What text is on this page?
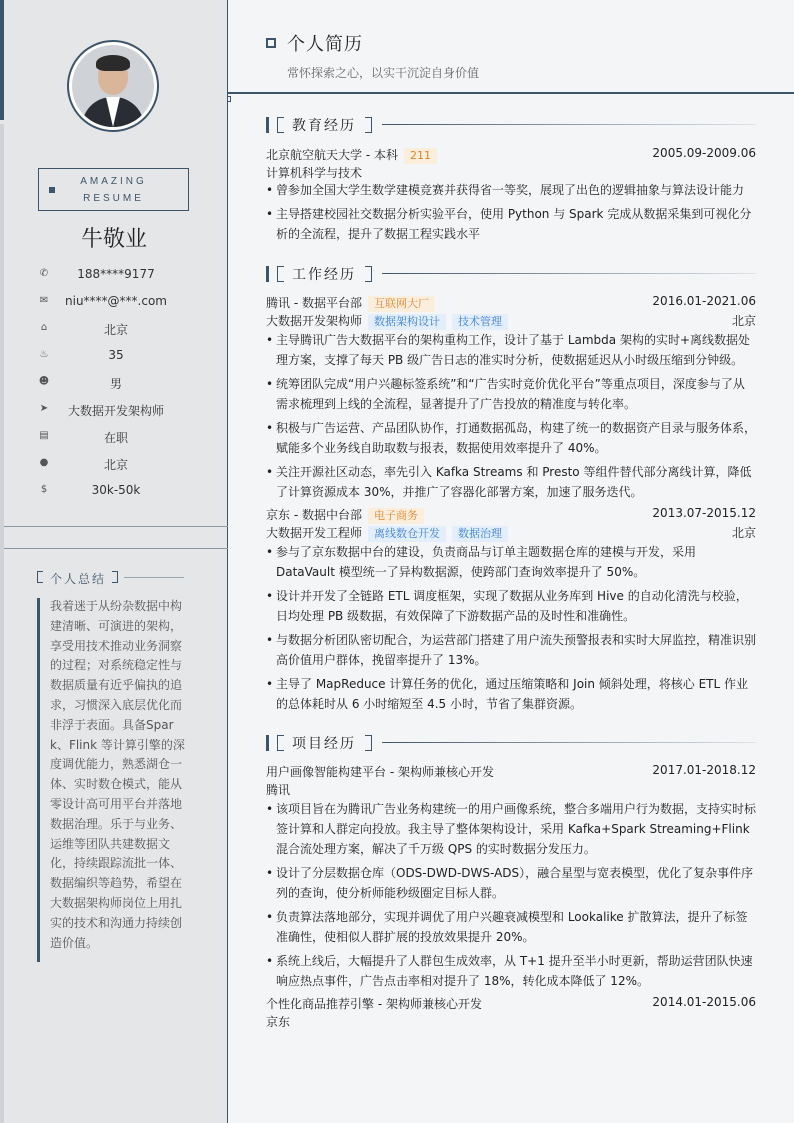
AMAZING
RESUME
牛敬业
✆	188****9177
✉	niu****@***.com
⌂	北京
♨	35
☻	男
➤	大数据开发架构师
▤	在职
●	北京
$	30k-50k
个人总结
我着迷于从纷杂数据中构建清晰、可演进的架构，享受用技术推动业务洞察的过程；对系统稳定性与数据质量有近乎偏执的追求，习惯深入底层优化而非浮于表面。具备Spark、Flink 等计算引擎的深度调优能力，熟悉湖仓一体、实时数仓模式，能从零设计高可用平台并落地数据治理。乐于与业务、运维等团队共建数据文化，持续跟踪流批一体、数据编织等趋势，希望在大数据架构师岗位上用扎实的技术和沟通力持续创造价值。
个人简历
常怀探索之心，以实干沉淀自身价值
教育经历
北京航空航天大学 - 本科 211	2005.09-2009.06
计算机科学与技术
• 曾参加全国大学生数学建模竞赛并获得省一等奖，展现了出色的逻辑抽象与算法设计能力
• 主导搭建校园社交数据分析实验平台，使用 Python 与 Spark 完成从数据采集到可视化分析的全流程，提升了数据工程实践水平
工作经历
腾讯 - 数据平台部 互联网大厂	2016.01-2021.06
大数据开发架构师 数据架构设计 技术管理	北京
• 主导腾讯广告大数据平台的架构重构工作，设计了基于 Lambda 架构的实时+离线数据处理方案，支撑了每天 PB 级广告日志的准实时分析，使数据延迟从小时级压缩到分钟级。
• 统筹团队完成“用户兴趣标签系统”和“广告实时竞价优化平台”等重点项目，深度参与了从需求梳理到上线的全流程，显著提升了广告投放的精准度与转化率。
• 积极与广告运营、产品团队协作，打通数据孤岛，构建了统一的数据资产目录与服务体系，赋能多个业务线自助取数与报表，数据使用效率提升了 40%。
• 关注开源社区动态，率先引入 Kafka Streams 和 Presto 等组件替代部分离线计算，降低了计算资源成本 30%，并推广了容器化部署方案，加速了服务迭代。
京东 - 数据中台部 电子商务	2013.07-2015.12
大数据开发工程师 离线数仓开发 数据治理	北京
• 参与了京东数据中台的建设，负责商品与订单主题数据仓库的建模与开发，采用 DataVault 模型统一了异构数据源，使跨部门查询效率提升了 50%。
• 设计并开发了全链路 ETL 调度框架，实现了数据从业务库到 Hive 的自动化清洗与校验，日均处理 PB 级数据，有效保障了下游数据产品的及时性和准确性。
• 与数据分析团队密切配合，为运营部门搭建了用户流失预警报表和实时大屏监控，精准识别高价值用户群体，挽留率提升了 13%。
• 主导了 MapReduce 计算任务的优化，通过压缩策略和 Join 倾斜处理，将核心 ETL 作业的总体耗时从 6 小时缩短至 4.5 小时，节省了集群资源。
项目经历
用户画像智能构建平台 - 架构师兼核心开发	2017.01-2018.12
腾讯
• 该项目旨在为腾讯广告业务构建统一的用户画像系统，整合多端用户行为数据，支持实时标签计算和人群定向投放。我主导了整体架构设计，采用 Kafka+Spark Streaming+Flink 混合流处理方案，解决了千万级 QPS 的实时数据分发压力。
• 设计了分层数据仓库（ODS-DWD-DWS-ADS），融合星型与宽表模型，优化了复杂事件序列的查询，使分析师能秒级圈定目标人群。
• 负责算法落地部分，实现并调优了用户兴趣衰减模型和 Lookalike 扩散算法，提升了标签准确性，使相似人群扩展的投放效果提升 20%。
• 系统上线后，大幅提升了人群包生成效率，从 T+1 提升至半小时更新，帮助运营团队快速响应热点事件，广告点击率相对提升了 18%，转化成本降低了 12%。
个性化商品推荐引擎 - 架构师兼核心开发	2014.01-2015.06
京东
